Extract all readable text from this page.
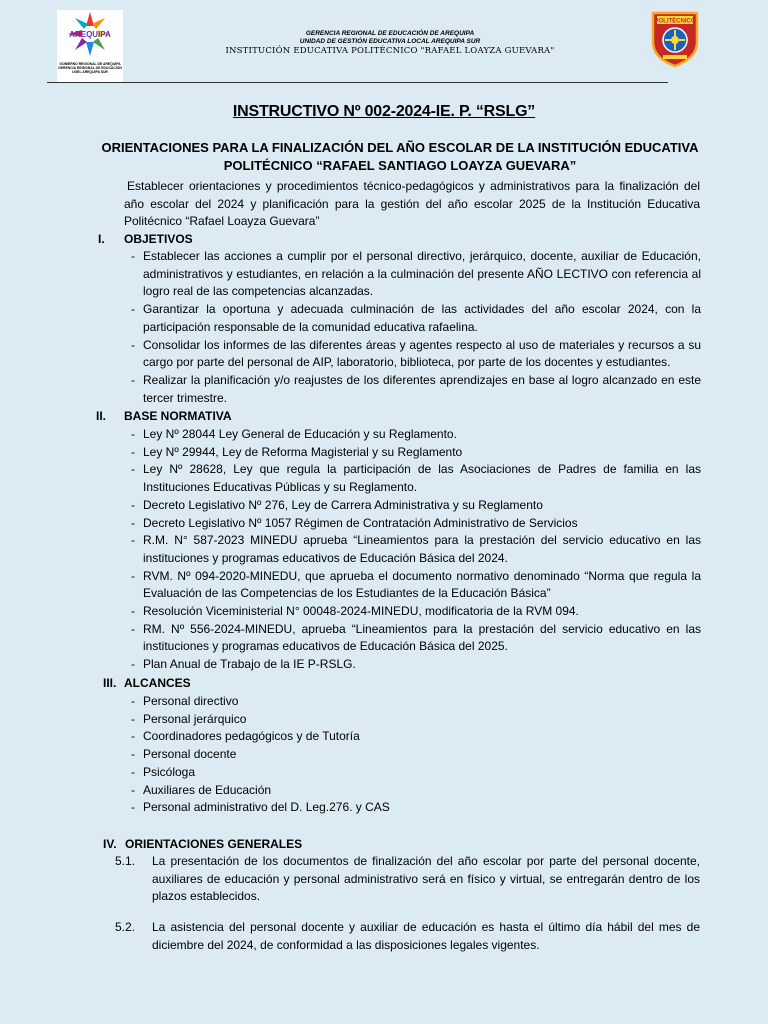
AREQUIPA
GOBIERNO REGIONAL DE AREQUIPA
GERENCIA REGIONAL DE EDUCACIÓN
UGEL AREQUIPA SUR
GERENCIA REGIONAL DE EDUCACIÓN DE AREQUIPA
UNIDAD DE GESTIÓN EDUCATIVA LOCAL AREQUIPA SUR
INSTITUCIÓN EDUCATIVA POLITÉCNICO "RAFAEL LOAYZA GUEVARA"
POLITÉCNICO
INSTRUCTIVO Nº 002-2024-IE. P. “RSLG”
ORIENTACIONES PARA LA FINALIZACIÓN DEL AÑO ESCOLAR DE LA INSTITUCIÓN EDUCATIVA
POLITÉCNICO “RAFAEL SANTIAGO LOAYZA GUEVARA”
Establecer orientaciones y procedimientos técnico-pedagógicos y administrativos para la finalización del año escolar del 2024 y planificación para la gestión del año escolar 2025 de la Institución Educativa Politécnico “Rafael Loayza Guevara”
I. OBJETIVOS
- Establecer las acciones a cumplir por el personal directivo, jerárquico, docente, auxiliar de Educación, administrativos y estudiantes, en relación a la culminación del presente AÑO LECTIVO con referencia al logro real de las competencias alcanzadas.
- Garantizar la oportuna y adecuada culminación de las actividades del año escolar 2024, con la participación responsable de la comunidad educativa rafaelina.
- Consolidar los informes de las diferentes áreas y agentes respecto al uso de materiales y recursos a su cargo por parte del personal de AIP, laboratorio, biblioteca, por parte de los docentes y estudiantes.
- Realizar la planificación y/o reajustes de los diferentes aprendizajes en base al logro alcanzado en este tercer trimestre.
II. BASE NORMATIVA
- Ley Nº 28044 Ley General de Educación y su Reglamento.
- Ley Nº 29944, Ley de Reforma Magisterial y su Reglamento
- Ley Nº 28628, Ley que regula la participación de las Asociaciones de Padres de familia en las Instituciones Educativas Públicas y su Reglamento.
- Decreto Legislativo Nº 276, Ley de Carrera Administrativa y su Reglamento
- Decreto Legislativo Nº 1057 Régimen de Contratación Administrativo de Servicios
- R.M. N° 587-2023 MINEDU aprueba “Lineamientos para la prestación del servicio educativo en las instituciones y programas educativos de Educación Básica del 2024.
- RVM. Nº 094-2020-MINEDU, que aprueba el documento normativo denominado “Norma que regula la Evaluación de las Competencias de los Estudiantes de la Educación Básica”
- Resolución Viceministerial N° 00048-2024-MINEDU, modificatoria de la RVM 094.
- RM. Nº 556-2024-MINEDU, aprueba “Lineamientos para la prestación del servicio educativo en las instituciones y programas educativos de Educación Básica del 2025.
- Plan Anual de Trabajo de la IE P-RSLG.
III. ALCANCES
- Personal directivo
- Personal jerárquico
- Coordinadores pedagógicos y de Tutoría
- Personal docente
- Psicóloga
- Auxiliares de Educación
- Personal administrativo del D. Leg.276. y CAS
IV. ORIENTACIONES GENERALES
5.1. La presentación de los documentos de finalización del año escolar por parte del personal docente, auxiliares de educación y personal administrativo será en físico y virtual, se entregarán dentro de los plazos establecidos.
5.2. La asistencia del personal docente y auxiliar de educación es hasta el último día hábil del mes de diciembre del 2024, de conformidad a las disposiciones legales vigentes.
